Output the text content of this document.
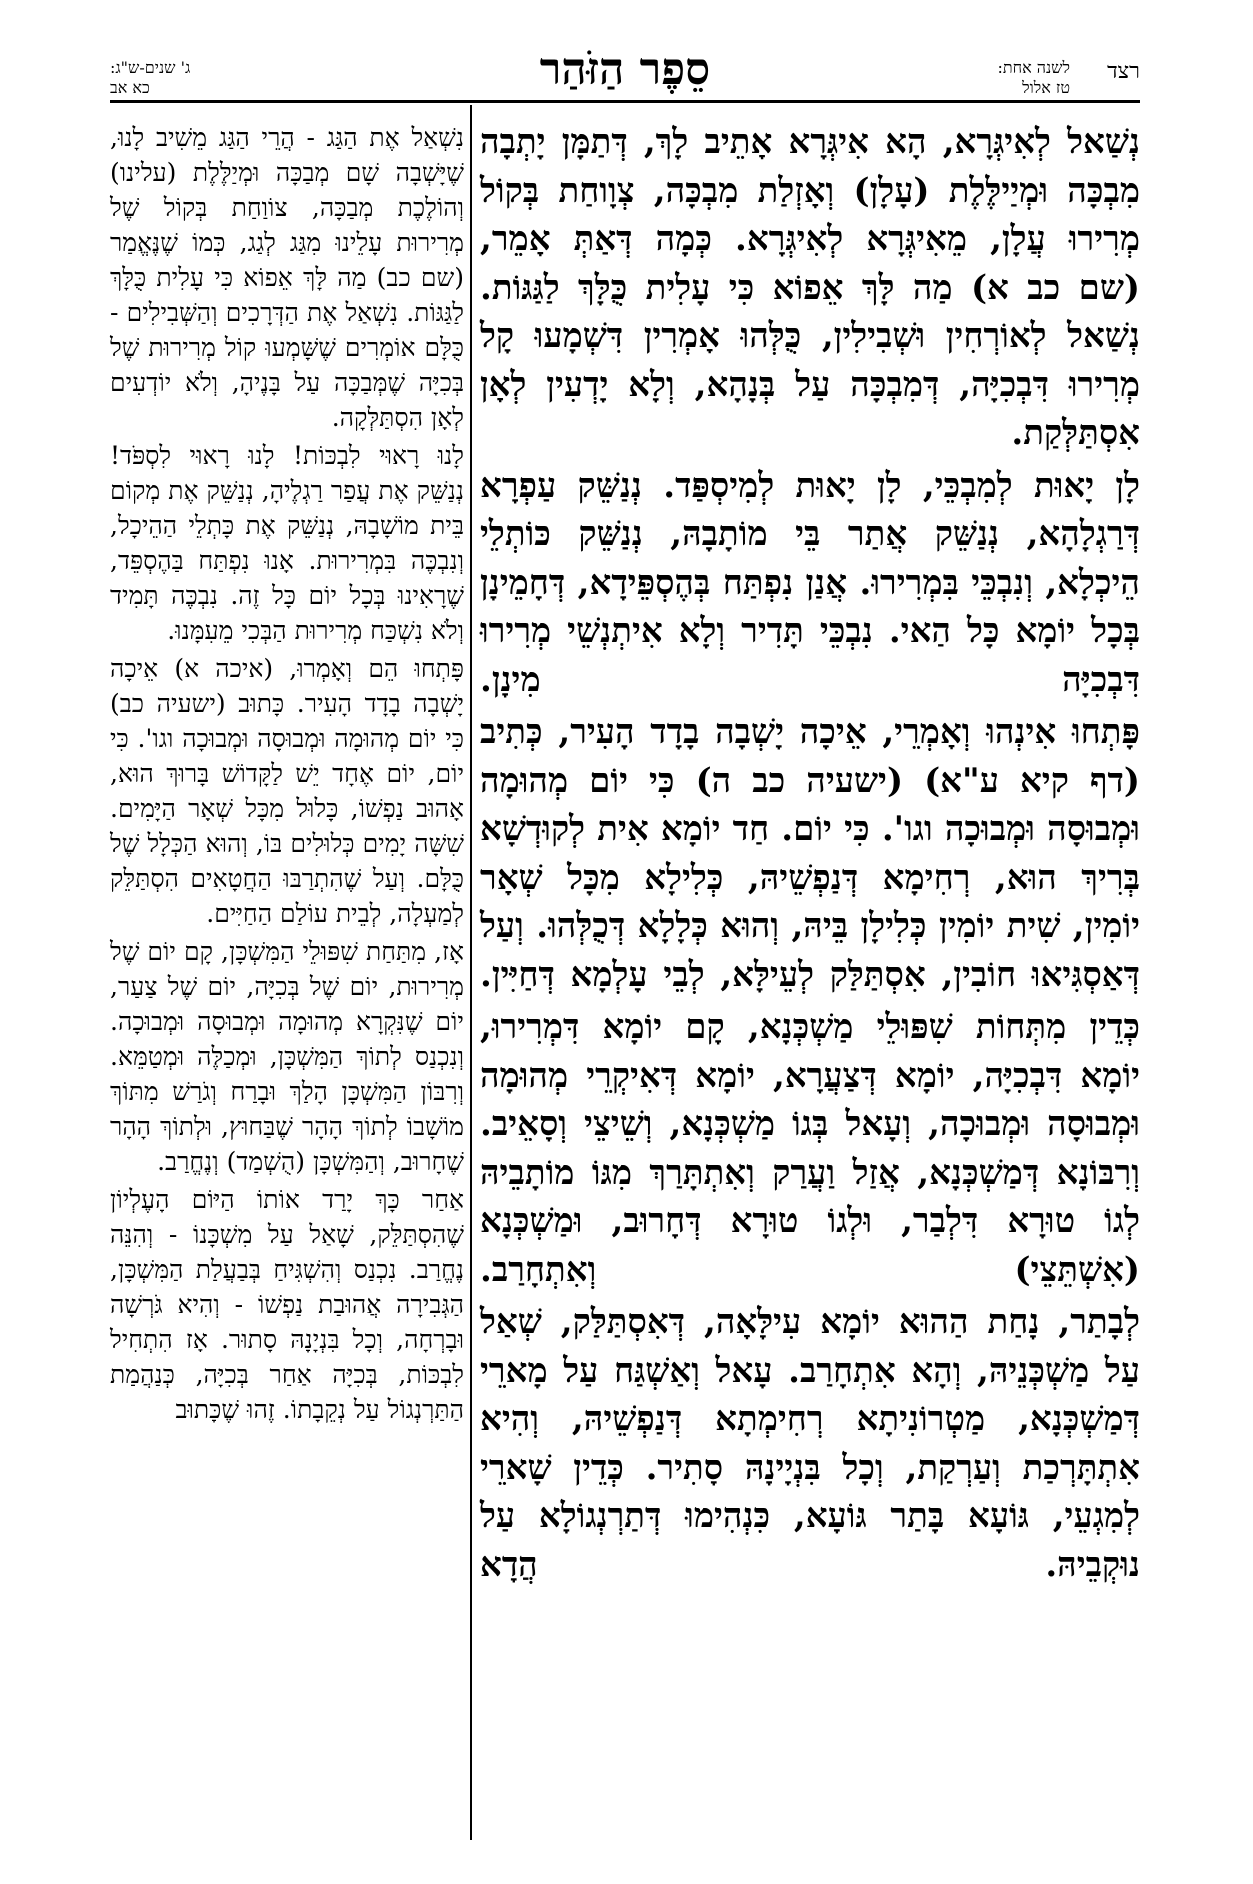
רצד
לשנה אחת:
טז אלול
סֵפֶר הַזֹּהַר
ג' שנים-ש"ג:
כא אב

נְשַׁאל לְאִיגְּרָא, הָא אִיגְּרָא אָתֵיב לָךְ, דְּתַמָּן יָתְבָה מִבְכָּה וּמְיַילֶּלֶת (עָלָן) וְאָזְלַת מִבְכָּה, צְוָוחַת בְּקוֹל מְרִירוּ עֲלָן, מֵאִיגְּרָא לְאִיגְּרָא. כְּמָה דְּאַתְּ אָמֵר, (שם כב א) מַה לָּךְ אֵפוֹא כִּי עָלִית כֻּלָּךְ לַגַּגּוֹת. נְשַׁאל לְאוֹרְחִין וּשְׁבִילִין, כֻּלְּהוּ אָמְרִין דִּשְׁמָעוּ קָל מְרִירוּ דִּבְכִיָּה, דְּמִבְכָּה עַל בְּנָהָא, וְלָא יָדְעִין לְאָן אִסְתַּלְּקַת.

לָן יָאוּת לְמִבְכֵּי, לָן יָאוּת לְמִיסְפַּד. נְנַשֵּׁק עַפְרָא דְּרַגְלָהָא, נְנַשֵּׁק אֲתַר בֵּי מוֹתָבָהּ, נְנַשֵּׁק כּוֹתְלֵי הֵיכְלָא, וְנִבְכֵּי בִּמְרִירוּ. אֲנַן נִפְתַּח בְּהֶסְפֵּידָא, דְּחָמֵינָן בְּכָל יוֹמָא כָּל הַאי. נִבְכֵּי תָּדִיר וְלָא אִיתְנְשֵׁי מְרִירוּ דִּבְכִיָּה מִינָן.

פָּתְחוּ אִינְהוּ וְאָמְרֵי, אֵיכָה יָשְׁבָה בָדָד הָעִיר, כְּתִיב (דף קיא ע"א) (ישעיה כב ה) כִּי יוֹם מְהוּמָה וּמְבוּסָה וּמְבוּכָה וגו'. כִּי יוֹם. חַד יוֹמָא אִית לְקוּדְשָׁא בְּרִיךְ הוּא, רְחִימָא דְּנַפְשֵׁיהּ, כְּלִילָא מִכָּל שְׁאָר יוֹמִין, שִׁית יוֹמִין כְּלִילָן בֵּיהּ, וְהוּא כְּלָלָא דְּכֻלְּהוּ. וְעַל דְּאַסְגִּיאוּ חוֹבִין, אִסְתַּלַּק לְעֵילָּא, לְבֵי עָלְמָא דְּחַיִּין.

כְּדֵין מִתְּחוֹת שִׁפּוּלֵי מַשְׁכְּנָא, קָם יוֹמָא דִּמְרִירוּ, יוֹמָא דִּבְכִיָּה, יוֹמָא דְּצַעֲרָא, יוֹמָא דְּאִיקְרֵי מְהוּמָה וּמְבוּסָה וּמְבוּכָה, וְעָאל בְּגוֹ מַשְׁכְּנָא, וְשֵׁיצֵי וְסָאֵיב. וְרִבּוֹנָא דְּמַשְׁכְּנָא, אֲזַל וַעֲרַק וְאִתְתָּרַךְ מִגּוֹ מוֹתָבֵיהּ לְגוֹ טוּרָא דִּלְבַר, וּלְגוֹ טוּרָא דְּחָרוּב, וּמַשְׁכְּנָא (אִשְׁתֵּצֵי) וְאִתְחָרַב.

לְבָתַר, נָחַת הַהוּא יוֹמָא עִילָּאָה, דְּאִסְתַּלַּק, שְׁאַל עַל מַשְׁכְּנֵיהּ, וְהָא אִתְחָרַב. עָאל וְאַשְׁגַּח עַל מָארֵי דְּמַשְׁכְּנָא, מַטְרוֹנִיתָא רְחִימְתָא דְּנַפְשֵׁיהּ, וְהִיא אִתְתָּרְכַת וְעַרְקַת, וְכָל בִּנְיָינָהּ סָתִיר. כְּדֵין שָׁארֵי לְמִגְעֵי, גּוֹעָא בָּתַר גּוֹעָא, כִּנְהִימוּ דְּתַרְנְגוֹלָא עַל נוּקְבֵיהּ. הֲדָא

נִשְׁאַל אֶת הַגַּג - הֲרֵי הַגַּג מֵשִׁיב לָנוּ, שֶׁיָּשְׁבָה שָׁם מְבַכָּה וּמְיַלֶּלֶת (עלינו) וְהוֹלֶכֶת מְבַכָּה, צוֹוַחַת בְּקוֹל שֶׁל מְרִירוּת עָלֵינוּ מִגַּג לְגַג, כְּמוֹ שֶׁנֶּאֱמַר (שם כב) מַה לָּךְ אֵפוֹא כִּי עָלִית כֻּלָּךְ לַגַּגּוֹת. נִשְׁאַל אֶת הַדְּרָכִים וְהַשְּׁבִילִים - כֻּלָּם אוֹמְרִים שֶׁשָּׁמְעוּ קוֹל מְרִירוּת שֶׁל בְּכִיָּה שֶׁמְּבַכָּה עַל בָּנֶיהָ, וְלֹא יוֹדְעִים לְאָן הִסְתַּלְּקָה.

לָנוּ רָאוּי לִבְכּוֹת! לָנוּ רָאוּי לִסְפֹּד! נְנַשֵּׁק אֶת עֲפַר רַגְלֶיהָ, נְנַשֵּׁק אֶת מְקוֹם בֵּית מוֹשָׁבָהּ, נְנַשֵּׁק אֶת כָּתְלֵי הַהֵיכָל, וְנִבְכֶּה בִּמְרִירוּת. אָנוּ נִפְתַּח בַּהֶסְפֵּד, שֶׁרָאִינוּ בְּכָל יוֹם כָּל זֶה. נִבְכֶּה תָּמִיד וְלֹא נִשְׁכַּח מְרִירוּת הַבְּכִי מֵעִמָּנוּ.

פָּתְחוּ הֵם וְאָמְרוּ, (איכה א) אֵיכָה יָשְׁבָה בָדָד הָעִיר. כָּתוּב (ישעיה כב) כִּי יוֹם מְהוּמָה וּמְבוּסָה וּמְבוּכָה וגו'. כִּי יוֹם, יוֹם אֶחָד יֵשׁ לַקָּדוֹשׁ בָּרוּךְ הוּא, אָהוּב נַפְשׁוֹ, כָּלוּל מִכָּל שְׁאָר הַיָּמִים. שִׁשָּׁה יָמִים כְּלוּלִים בּוֹ, וְהוּא הַכְּלָל שֶׁל כֻּלָּם. וְעַל שֶׁהִתְרַבּוּ הַחֲטָאִים הִסְתַּלֵּק לְמַעְלָה, לְבֵית עוֹלַם הַחַיִּים.

אָז, מִתַּחַת שִׁפּוּלֵי הַמִּשְׁכָּן, קָם יוֹם שֶׁל מְרִירוּת, יוֹם שֶׁל בְּכִיָּה, יוֹם שֶׁל צַעַר, יוֹם שֶׁנִּקְרָא מְהוּמָה וּמְבוּסָה וּמְבוּכָה. וְנִכְנַס לְתוֹךְ הַמִּשְׁכָּן, וּמְכַלֶּה וּמְטַמֵּא. וְרִבּוֹן הַמִּשְׁכָּן הָלַךְ וּבָרַח וְגֹרַשׁ מִתּוֹךְ מוֹשָׁבוֹ לְתוֹךְ הָהָר שֶׁבַּחוּץ, וּלְתוֹךְ הָהָר שֶׁחָרוּב, וְהַמִּשְׁכָּן (הֻשְׁמַד) וְנֶחֱרַב.

אַחַר כָּךְ יָרַד אוֹתוֹ הַיּוֹם הָעֶלְיוֹן שֶׁהִסְתַּלֵּק, שָׁאַל עַל מִשְׁכָּנוֹ - וְהִנֵּה נֶחֱרַב. נִכְנַס וְהִשְׁגִּיחַ בְּבַעֲלַת הַמִּשְׁכָּן, הַגְּבִירָה אֲהוּבַת נַפְשׁוֹ - וְהִיא גֹּרְשָׁה וּבָרְחָה, וְכָל בִּנְיָנָהּ סָתוּר. אָז הִתְחִיל לִבְכּוֹת, בְּכִיָּה אַחַר בְּכִיָּה, כְּנַהֲמַת הַתַּרְנְגוֹל עַל נְקֵבָתוֹ. זֶהוּ שֶׁכָּתוּב
